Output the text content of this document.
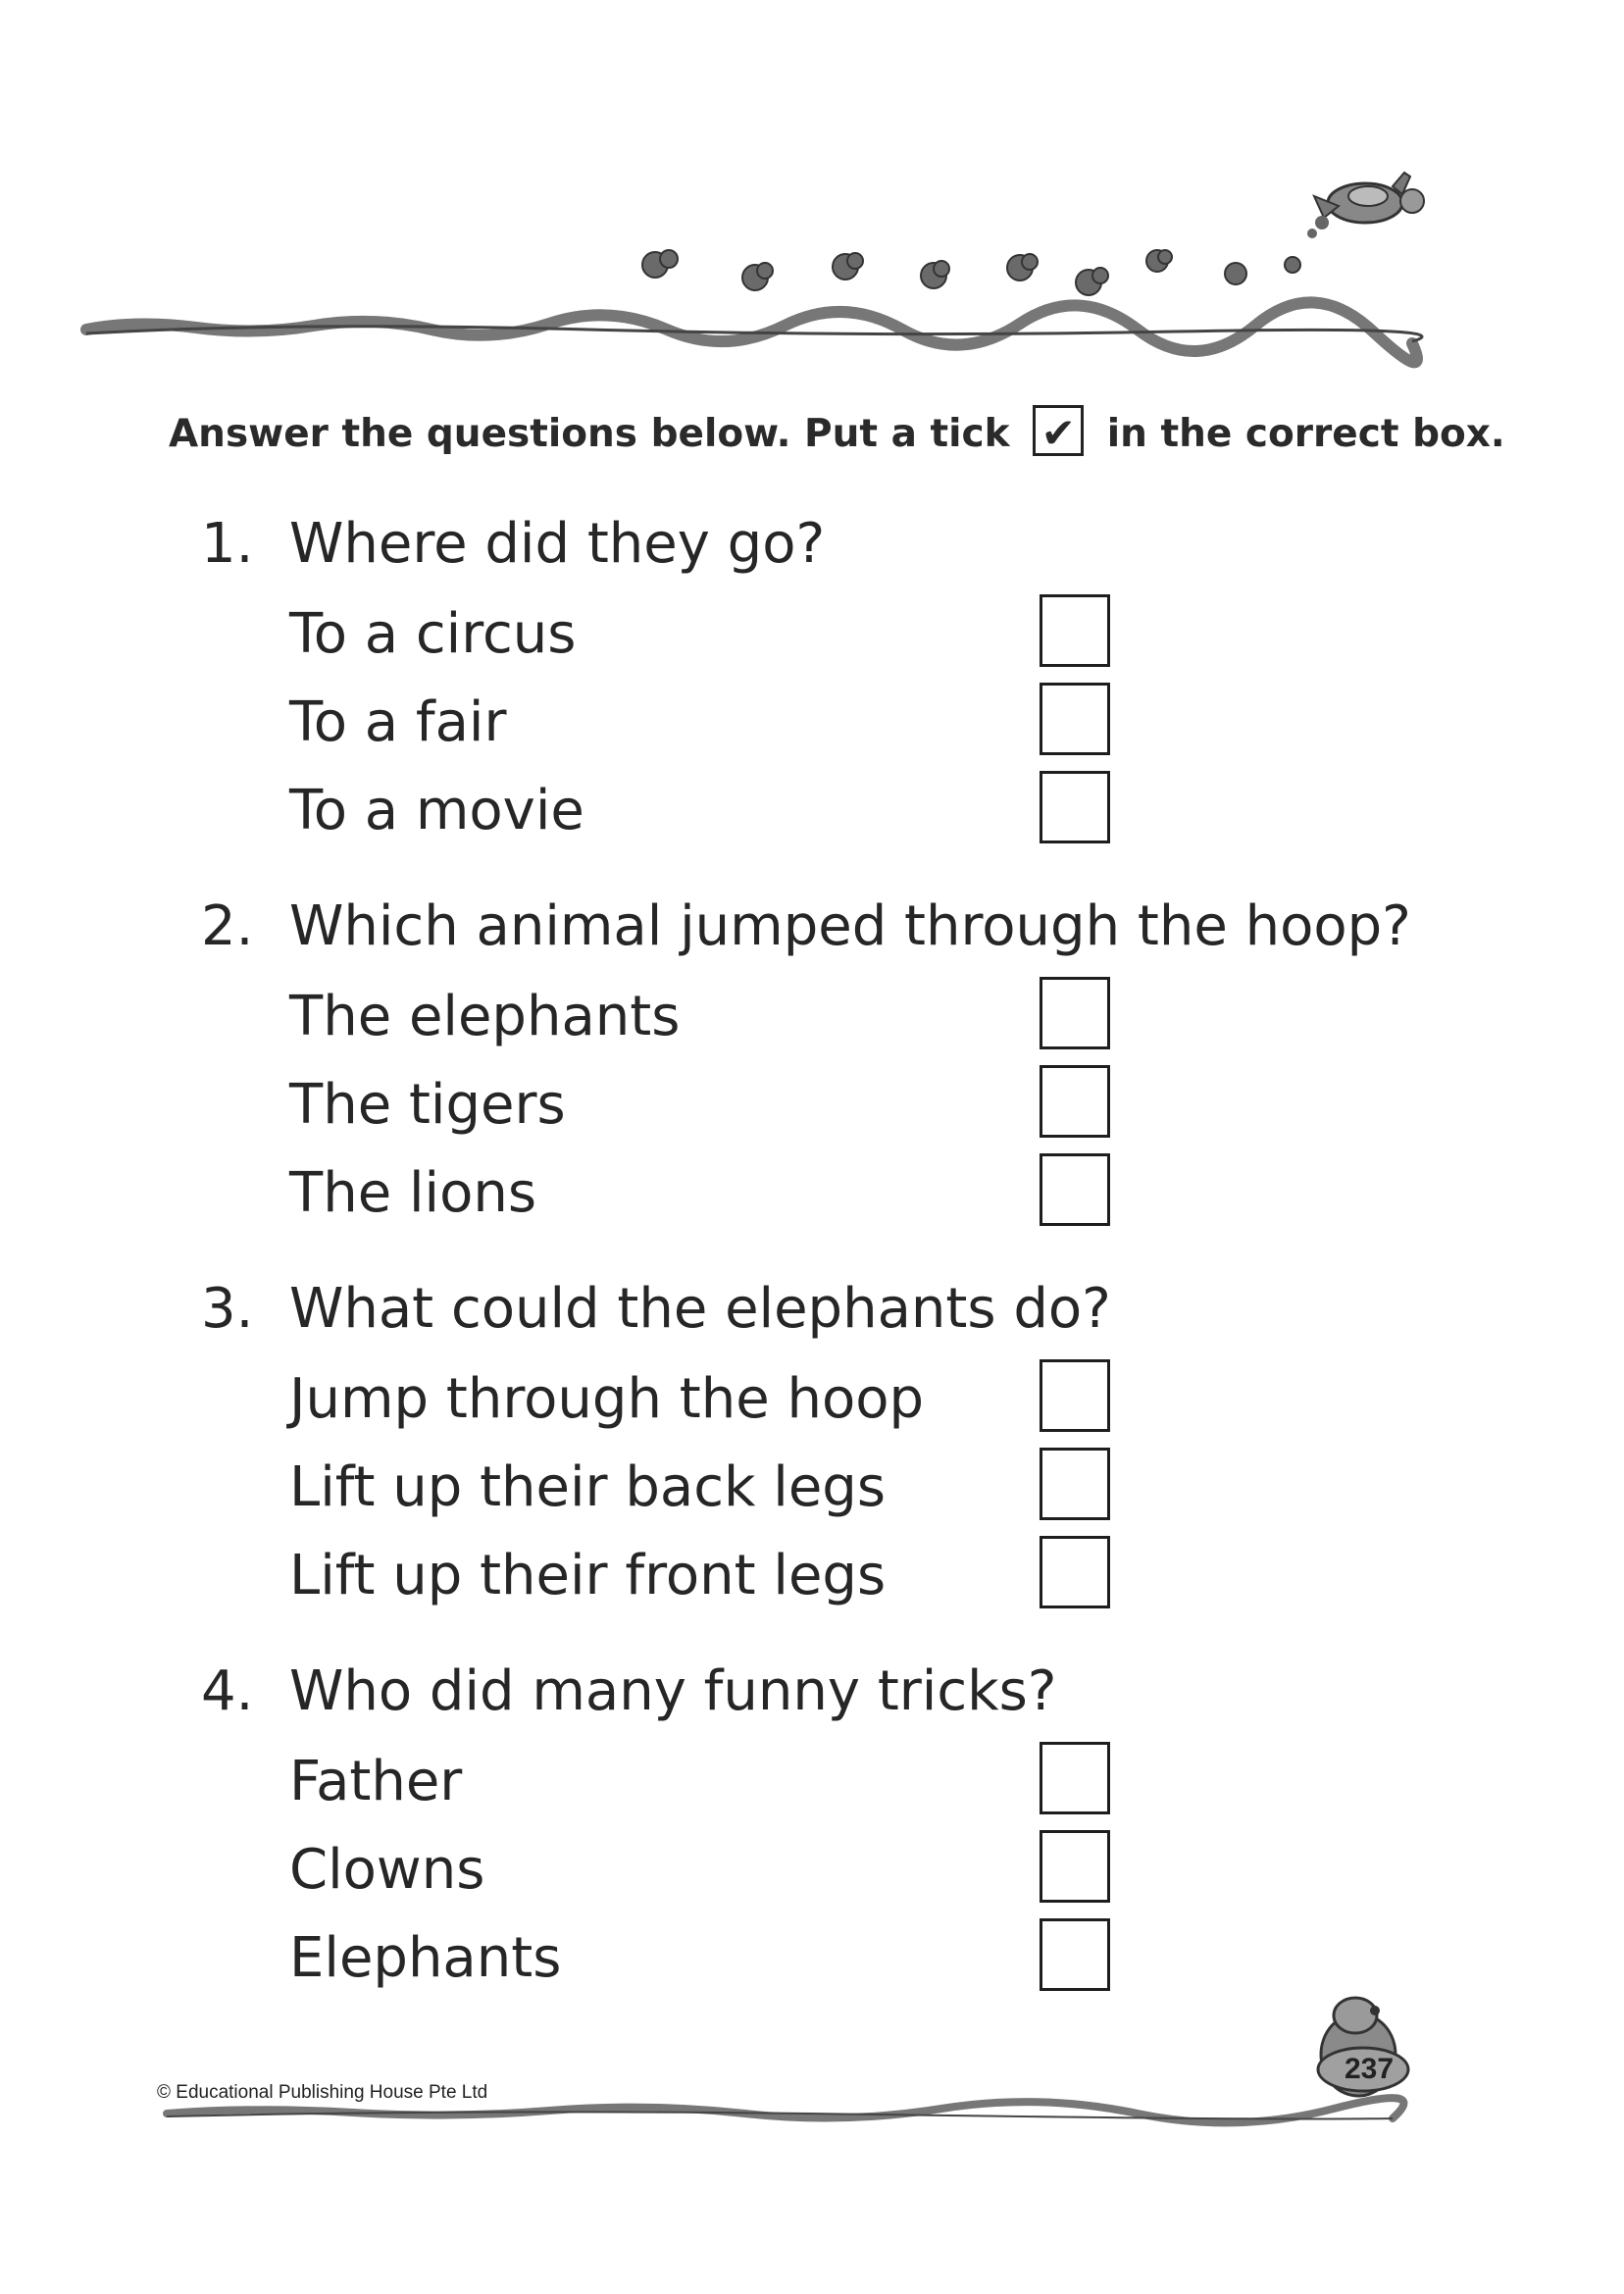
Answer the questions below. Put a tick ✔ in the correct box.
1. Where did they go?
To a circus
To a fair
To a movie
2. Which animal jumped through the hoop?
The elephants
The tigers
The lions
3. What could the elephants do?
Jump through the hoop
Lift up their back legs
Lift up their front legs
4. Who did many funny tricks?
Father
Clowns
Elephants
© Educational Publishing House Pte Ltd
237
